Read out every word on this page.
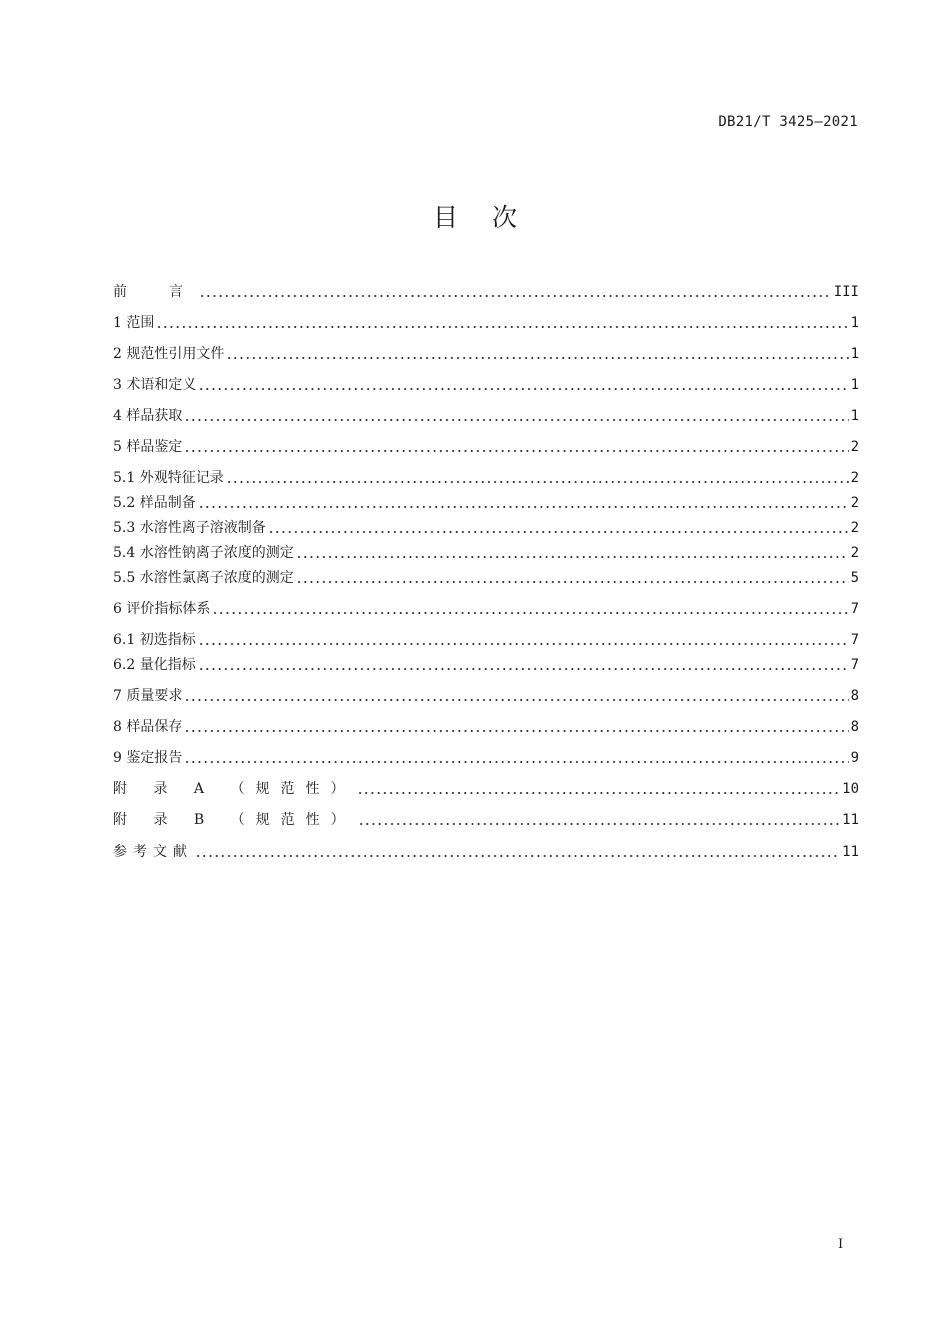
DB21/T 3425—2021
目次
前　言	III
1 范围	1
2 规范性引用文件	1
3 术语和定义	1
4 样品获取	1
5 样品鉴定	2
5.1 外观特征记录	2
5.2 样品制备	2
5.3 水溶性离子溶液制备	2
5.4 水溶性钠离子浓度的测定	2
5.5 水溶性氯离子浓度的测定	5
6 评价指标体系	7
6.1 初选指标	7
6.2 量化指标	7
7 质量要求	8
8 样品保存	8
9 鉴定报告	9
附 录 A （规范性）	10
附 录 B （规范性）	11
参考文献	11
I
